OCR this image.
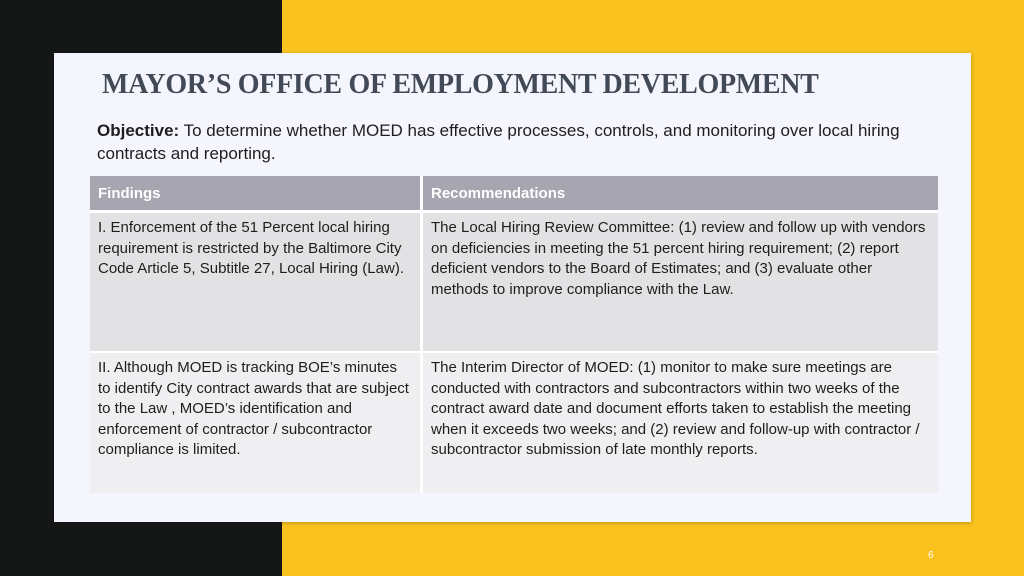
MAYOR’S OFFICE OF EMPLOYMENT DEVELOPMENT

Objective: To determine whether MOED has effective processes, controls, and monitoring over local hiring contracts and reporting.

Findings	Recommendations
I. Enforcement of the 51 Percent local hiring requirement is restricted by the Baltimore City Code Article 5, Subtitle 27, Local Hiring (Law).	The Local Hiring Review Committee: (1) review and follow up with vendors on deficiencies in meeting the 51 percent hiring requirement; (2) report deficient vendors to the Board of Estimates; and (3) evaluate other methods to improve compliance with the Law.
II. Although MOED is tracking BOE’s minutes to identify City contract awards that are subject to the Law , MOED’s identification and enforcement of contractor / subcontractor compliance is limited.	The Interim Director of MOED: (1) monitor to make sure meetings are conducted with contractors and subcontractors within two weeks of the contract award date and document efforts taken to establish the meeting when it exceeds two weeks; and (2) review and follow-up with contractor / subcontractor submission of late monthly reports.
6
